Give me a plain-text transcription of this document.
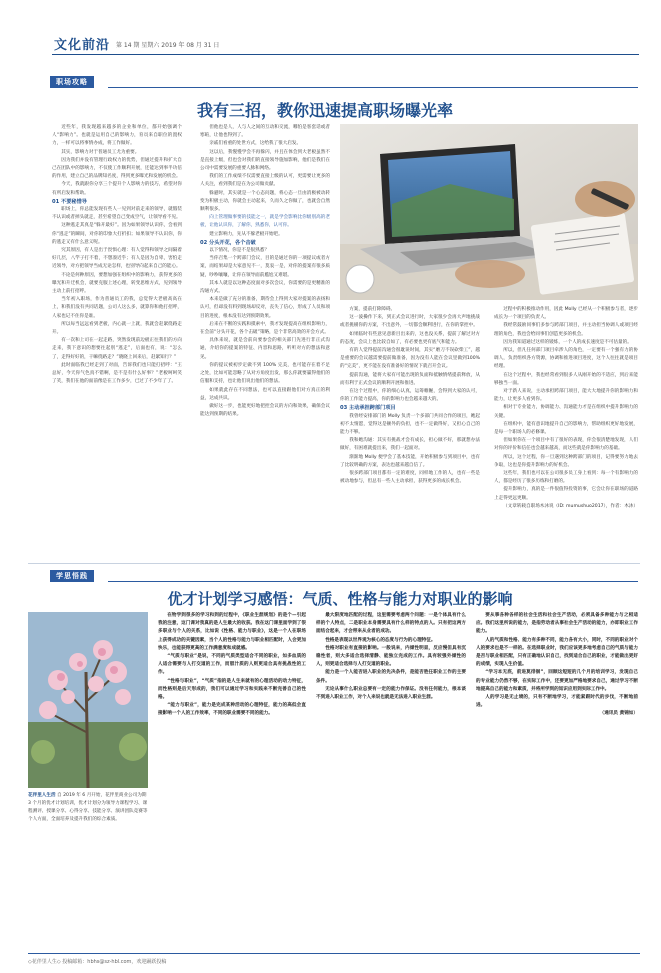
文化前沿 第 14 期 星期六 2019 年 08 月 31 日
职场攻略
我有三招，教你迅速提高职场曝光率

近些年，我发现越来越多的企业和单位，都开始强调个人“影响力”。也就是运用自己的影响力，育员来自职位的置权力，一样可以将事情办成，将工作做好。

其实，影响力对于普通员工尤为重要。

因为我们并没有管理行政权力的优势，但通过提升和扩大自己在团队中的影响力，不仅使工作顺利开展，还能达到事半功倍的作用，建立自己的品牌知名度，得到更多曝光和发展的机会。

今天，我就跟你分享三个提升个人影响力的技巧，希望对你有所启发和帮助。

01 不要秘惜导

职场上，你总能发现有些人一见到对前走来的领导，就假装不认识或者掉头就走，甚至希望自己变成空气，让领导看不见。

这种逃走其真是“躲开最好”。因为如果领导认识你，会看到你“逃走”的瞬间，对你的印象大打折扣；如果领导不认识你，你的逃走又有什么意义呢。

究其原因，有人是出于畏惧心理：有人觉得和领导之间隔着好几层，八竿子打不着，不想凑近乎；有人是因为自卑，害怕走近领导，对方把领导当成无论怎样，也别导向起来自己的能心。

不论是何种原因，要想加强在组织中的影响力，获得更多的曝光和升迁机会，就要克服上述心理，转变思维方式，见到领导主动上前打招呼。

当年初入职场，作为普通员工的我，总觉得大老板高高在上，和我们没有共同话题，公司人这么多，就算你和他打招呼，人家也记不住你是谁。

所以每当远远看到老板，内心就一上就，我就会赶紧绕路走开。

有一次和上司在一起走路，突然发现前边板正往我们的方向走来，我下意识的想要往起别“逃走”，后面也有，说：“怎么了，走得好好的，干嘛绕路走？”晓晓上回来后，赶紧知行？”

此时面临我已经走到了对面，告诉我们也只能打招呼：“王总好，今天你气色真不错啊，是不是有什么好事？”老板呵呵笑了笑，我们在他的面前像是在工作多少，已过了不少年了了。

但他也是人，人与人之间的互动和交流，哪怕是客套话或者寒暄，让他也得到了。

亲戚们看重的处世方式，这给我了很大启发。

这以后，我慢慢学会不再躲闪，并且在体会到大老板虽然不是直接上级，但也会对我们的直接领导施加影响，他们是我们在公司中需要发展的重要人脉和网络。

我们的工作成绩不仅需要直接上级的认可，更需要让更多的人关注，看到我们是在为公司做贡献。

躲避时，其实就是一个心态问题，将心态一旦由消极被动转变为积极主动，你就会主动起来，久而久之你做了，也就会自然顺利很多。

向上管理做事要的技能之一，就是学会影响比你级别高的老板，让他认识你，了解你，熟悉你，认可你。

建立影响力，先从不躲老板开始吧。

02 分头开花，各个击破

以下情况，你是不是很熟悉？

当你召集一个跨部门会议，目的是通过你的一项提议或者方案，而结果却是大家意见不一，莫衷一是，对你的提案有很多质疑，吵吵嚷嚷，让你在领导面前尴尬又难堪。

其本人就是以这种态度面对多次会议，你需要的是更精准的沟通方式。

本来是做了充分的准备，期待会上得到大家对提案的表扬和认可，但却没有料到现场却反对，丧失了信心，形成了人员和项目的进度，根本没有达到预期效果。

后来在不断的实践和摸索中，我才发现提高在组织影响力，在会前“分头开花，各个击破”策略，是个非常高效的开会方式。

具体来说，就是会前向要参会的相关部门先进行非正式沟通，介绍你的提案的特征、内容和思路，听听对方的想法和意见。

你的提议被初步定做不到 100% 完美，也可能存在着不足之处，比如可能忽略了从对方角度出发，那么你就要赢得他们的信服和支持，也让他们说出他们的想法。

如果就此存在不同想法，也可以直接跟他们对方真正的利益，达成共识。

做好这一步，也能更好地把控会议的方向和效果，确保会议能达到预期的结果。

方案，提前打除障碍。

这一波操作下来，到正式会议进行时，大家很少会再大声地挑战或者挑剔你的方案，不出意外，一切都会顺利进行，在你的掌控中。

如果临时有些意见意新目出来的，这也没关系，提前了解过对方的态度，会议上也比较自如了，有必要也更有底气和能力。

有的人觉得提前沟通会很耽误时间，其实“磨刀不误砍柴工”，越是重要的会议越需要提前做准备，因为没有人能在会议里做到100%的“完美”，更不能在没有准备好的情况下就召开会议。

提前沟通，能将大家有可能出现的负面和抵触情绪提前释放，从而有利于正式会议的顺利开展和推进。

在这个过程中，你的细心认真，运筹帷幄，会得到大家的认可，你的工作能力提高，你的影响力也会越来越大的。

03 主动承担跨部门项目

我曾经安排部门的 Molly 负责一个多部门共同合作的项目，她起初不太情愿，觉得这是额外的负担，也不一定做得好，又担心自己的能力不够。

我和她沟通：其实有挑战才会有成长，担心做不好，那就想办法做好，有困难就提出来，我们一起面对。

渐渐地 Molly 便学会了基本技能，开始积极参与到项目中，也有了比较明确的方案，表达也越来越自信了。

很多跨部门项目都有一定的难度，同样地工作的人，也有一些是被动地参与，但总有一些人主动承担，获得更多的成长机会。

过程中的积极推动作用，因此 Molly 已经从一个积极参与者，逐步成长为一个项目的负责人。

我经常鼓励同事们多参与跨部门项目，并主动担当协调人或项目经理的角色，我也会给同事们创造更多的机会。

因为我知道通过这样的锻炼，一个人的成长速度是不可估量的。

所以，但凡任何部门项目牵涉人的角色，一定要有一个强有力的协调人，负责组织各方资源，协调和推进项目进度，这个人往往就是项目经理。

在这个过程中，我也经常看到很多人从刚开始的不适应，到后来能够独当一面。

对于新人来说，主动承担跨部门项目，能大大地提升你的影响力和能力，让更多人看到你。

相对于专业能力，协调能力、沟通能力才是在组织中提升影响力的关键。

在组织中，能有意识地提升自己的影响力，帮助组织更好地发展，是每一个职场人的必修课。

但如果你在一个项目中有了很好的表现，你会很清楚地发现，人们对你的评价和信任也会越来越高，而这些就是你影响力的基础。

所以，这个过程，你一旦遇到这种跨部门的项目，记得要努力地去争取，这也是你提升影响力的好机会。

这些年，我们也可以在公司很多员工身上看到：每一个有影响力的人，都是经历了很多历练和打磨的。

提升影响力，真的是一件很值得投资的事，它会让你在职场的道路上走得更远更顺。

（文章转载自职场木沐说（ID: mumushuo2017），作者：木沐）

学思悟践
优才计划学习感悟：气质、性格与能力对职业的影响
花伴里人生活 自 2019 年 6 月开始，花伴里商业公司为期 3 个月的优才计划培训，优才计划分为领导力课程学习、课程测评、授课分享、心得分享、技能分享、演讲团队竞赛等个人方面，全面培养及提升我们的综合素质。

在物学到很多的学习和到的过程中，《职业生涯规划》的是个—引起我的注意，这门课对我真的是人生最大的收获。我在这门课里面学到了很多职业与个人的关系，比如说《性格、能力与职业》，这是一个人在职场上获得成功的关键因素，当个人的性格与能力与职业相匹配时，人会更加快乐，也能获得更高的工作满意度和成就感。

“气质与职业”是说，不同的气质类型适合不同的职业，如多血质的人适合需要与人打交道的工作，而胆汁质的人则更适合具有挑战性的工作。

“性格与职业”，“气质”指的是人生来就有的心理活动的动力特征，而性格则是后天形成的，我们可以通过学习和实践来不断完善自己的性格。

“能力与职业”，能力是完成某种活动的心理特征，能力的高低会直接影响一个人的工作效率，不同的职业需要不同的能力。

最大限度地匹配的过程，这里需要考虑两个问题：一是个体具有什么样的个人特点，二是职业本身需要具有什么样的特点的人。只有把这两方面结合起来，才会带来从业者的成功。

性格是表现以世界观为核心的态度与行为的心理特征。

性格对职业有直接的影响。一般说来，内倾性明显，反应慢但具有沉稳性者，则大多适合选择清静、能独立完成的工作。具有较强外倾性的人，则更适合选择与人打交道的职业。

能力是一个人能否进入职业的先决条件，是能否胜任职业工作的主要条件。

无论从事什么职业总要有一定的能力作保证。没有任何能力，根本谈不到进入职业工作，对个人来说也就是无法进入职业生涯。

要从事各种各样的社会生活和社会生产活动，必须具备多种能力与之相适应。我们这里所说的能力，是指劳动者从事社会生产活动的能力，亦即职业工作能力。

人的气质和性格、能力有多种不同，能力各有大小，同时，不同的职业对个人的要求也是不一样的。在选择职业时，我们应该更多地考虑自己的气质与能力是否与职业相匹配，只有正确地认识自己，找到适合自己的职业，才能做出更好的成绩，实现人生价值。

“学习本无底，前进莫徘徊”，回顾这短短的几个月的培训学习，发现自己的专业能力仍然不够，在实际工作中，还要更加严格地要求自己，通过学习不断地提高自己的能力和素质，并将所学到的知识应用到实际工作中。

人的学习是无止境的，只有不断地学习，才能紧跟时代的步伐，不断地前进。

（通讯员 黄锦如）

◇花伴里人生◇ 投稿邮箱：hbhs@sz-hbl.com，欢迎踊跃投稿
